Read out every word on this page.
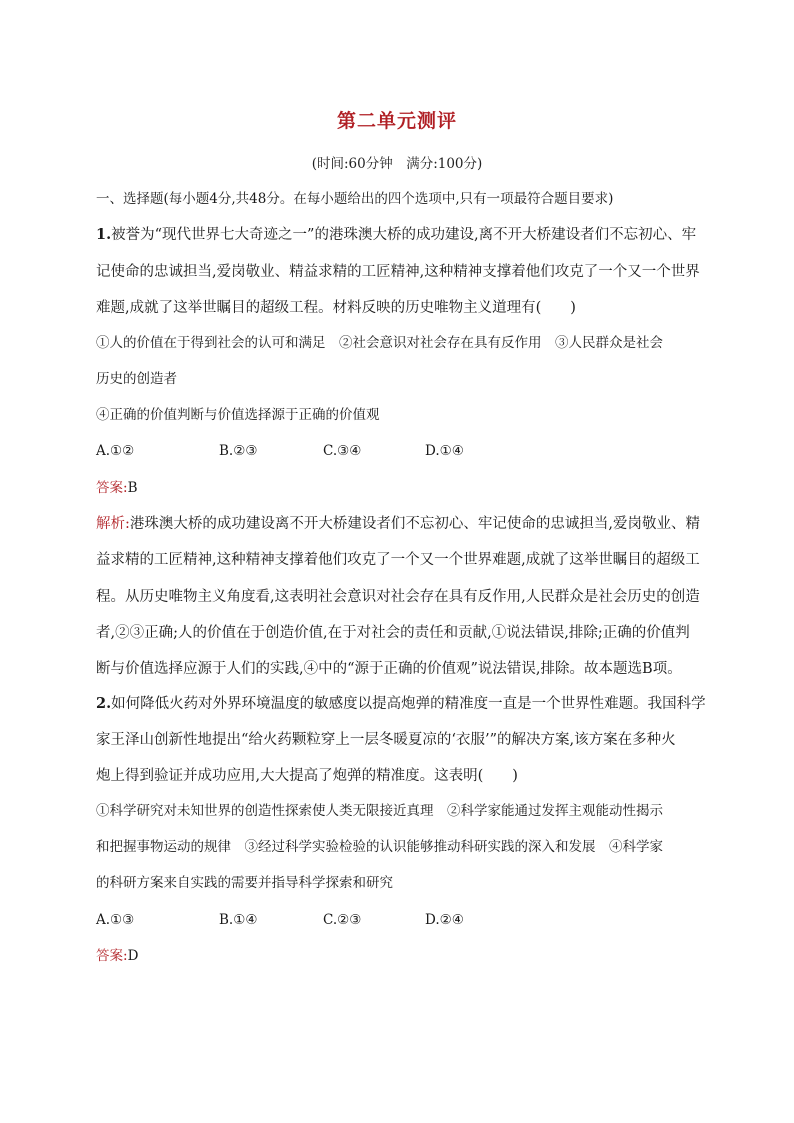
第二单元测评
(时间:60分钟　满分:100分)
一、选择题(每小题4分,共48分。在每小题给出的四个选项中,只有一项最符合题目要求)
1.被誉为“现代世界七大奇迹之一”的港珠澳大桥的成功建设,离不开大桥建设者们不忘初心、牢
记使命的忠诚担当,爱岗敬业、精益求精的工匠精神,这种精神支撑着他们攻克了一个又一个世界
难题,成就了这举世瞩目的超级工程。材料反映的历史唯物主义道理有(　　)
①人的价值在于得到社会的认可和满足　②社会意识对社会存在具有反作用　③人民群众是社会
历史的创造者
④正确的价值判断与价值选择源于正确的价值观
A.①②	B.②③	C.③④	D.①④
答案:B
解析:港珠澳大桥的成功建设离不开大桥建设者们不忘初心、牢记使命的忠诚担当,爱岗敬业、精
益求精的工匠精神,这种精神支撑着他们攻克了一个又一个世界难题,成就了这举世瞩目的超级工
程。从历史唯物主义角度看,这表明社会意识对社会存在具有反作用,人民群众是社会历史的创造
者,②③正确;人的价值在于创造价值,在于对社会的责任和贡献,①说法错误,排除;正确的价值判
断与价值选择应源于人们的实践,④中的“源于正确的价值观”说法错误,排除。故本题选B项。
2.如何降低火药对外界环境温度的敏感度以提高炮弹的精准度一直是一个世界性难题。我国科学
家王泽山创新性地提出“给火药颗粒穿上一层冬暖夏凉的‘衣服’”的解决方案,该方案在多种火
炮上得到验证并成功应用,大大提高了炮弹的精准度。这表明(　　)
①科学研究对未知世界的创造性探索使人类无限接近真理　②科学家能通过发挥主观能动性揭示
和把握事物运动的规律　③经过科学实验检验的认识能够推动科研实践的深入和发展　④科学家
的科研方案来自实践的需要并指导科学探索和研究
A.①③	B.①④	C.②③	D.②④
答案:D
